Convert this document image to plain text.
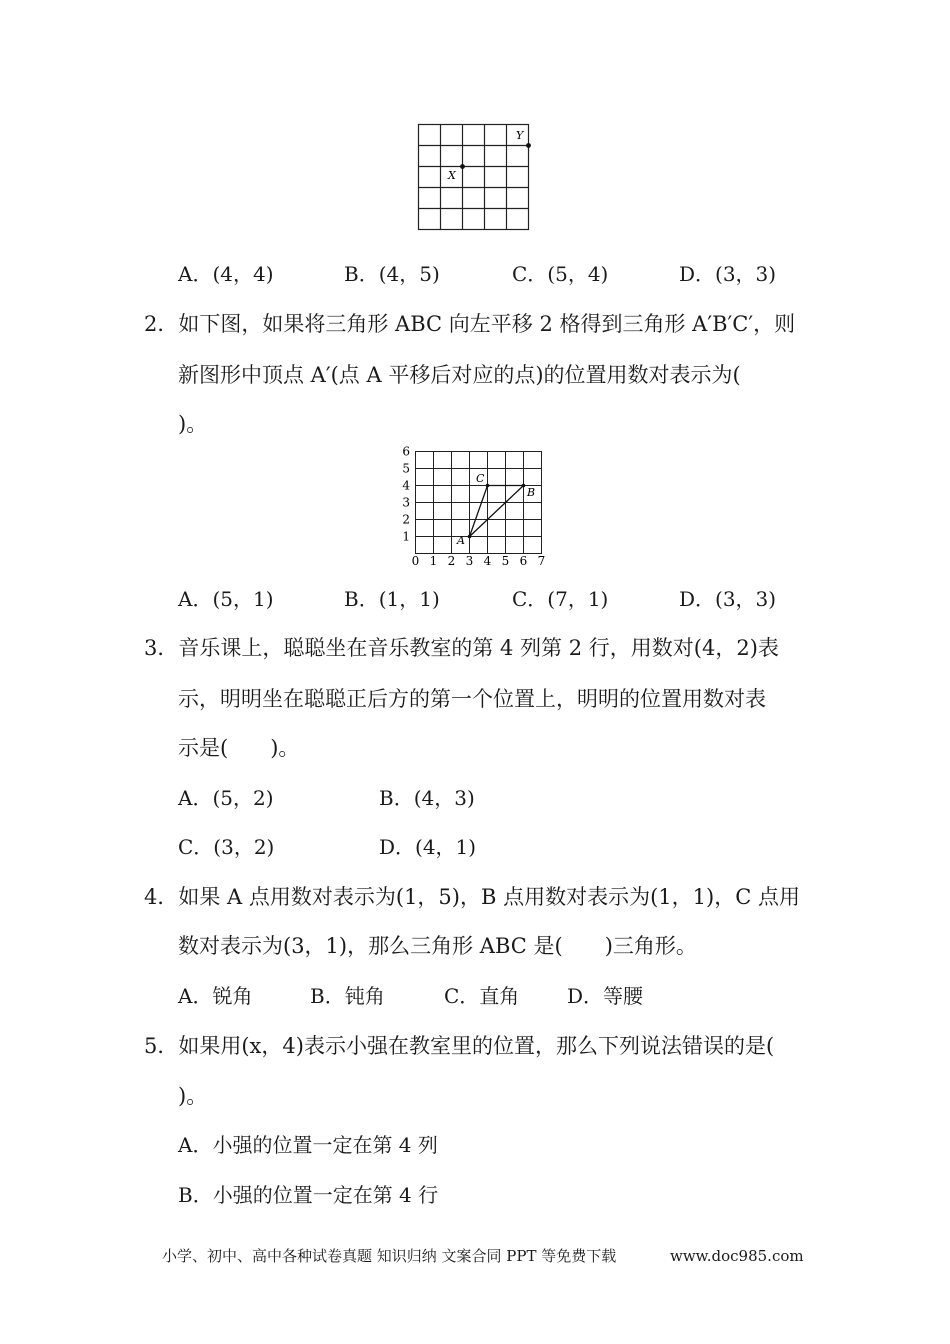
X
Y
A．(4，4)	B．(4，5)	C．(5，4)	D．(3，3)
2．如下图，如果将三角形 ABC 向左平移 2 格得到三角形 A′B′C′，则
新图形中顶点 A′(点 A 平移后对应的点)的位置用数对表示为(
)。
A
B
C
0 1 2 3 4 5 6 7
1
2
3
4
5
6
A．(5，1)	B．(1，1)	C．(7，1)	D．(3，3)
3．音乐课上，聪聪坐在音乐教室的第 4 列第 2 行，用数对(4，2)表
示，明明坐在聪聪正后方的第一个位置上，明明的位置用数对表
示是(　　)。
A．(5，2)	B．(4，3)
C．(3，2)	D．(4，1)
4．如果 A 点用数对表示为(1，5)，B 点用数对表示为(1，1)，C 点用
数对表示为(3，1)，那么三角形 ABC 是(　　)三角形。
A．锐角	B．钝角	C．直角 D．等腰
5．如果用(x，4)表示小强在教室里的位置，那么下列说法错误的是(
)。
A．小强的位置一定在第 4 列
B．小强的位置一定在第 4 行
小学、初中、高中各种试卷真题 知识归纳 文案合同 PPT 等免费下载	www.doc985.com
